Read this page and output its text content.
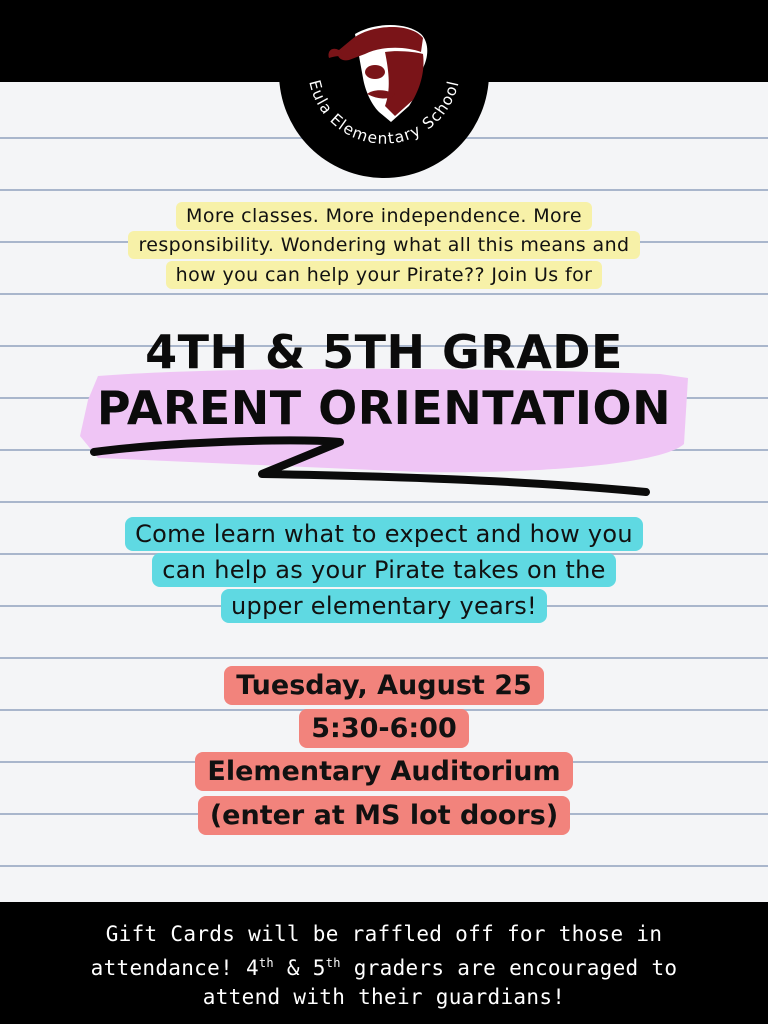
Eula Elementary School
More classes. More independence. More
responsibility. Wondering what all this means and
how you can help your Pirate?? Join Us for
4TH & 5TH GRADE
PARENT ORIENTATION
Come learn what to expect and how you
can help as your Pirate takes on the
upper elementary years!
Tuesday, August 25
5:30-6:00
Elementary Auditorium
(enter at MS lot doors)
Gift Cards will be raffled off for those in
attendance! 4th & 5th graders are encouraged to
attend with their guardians!
